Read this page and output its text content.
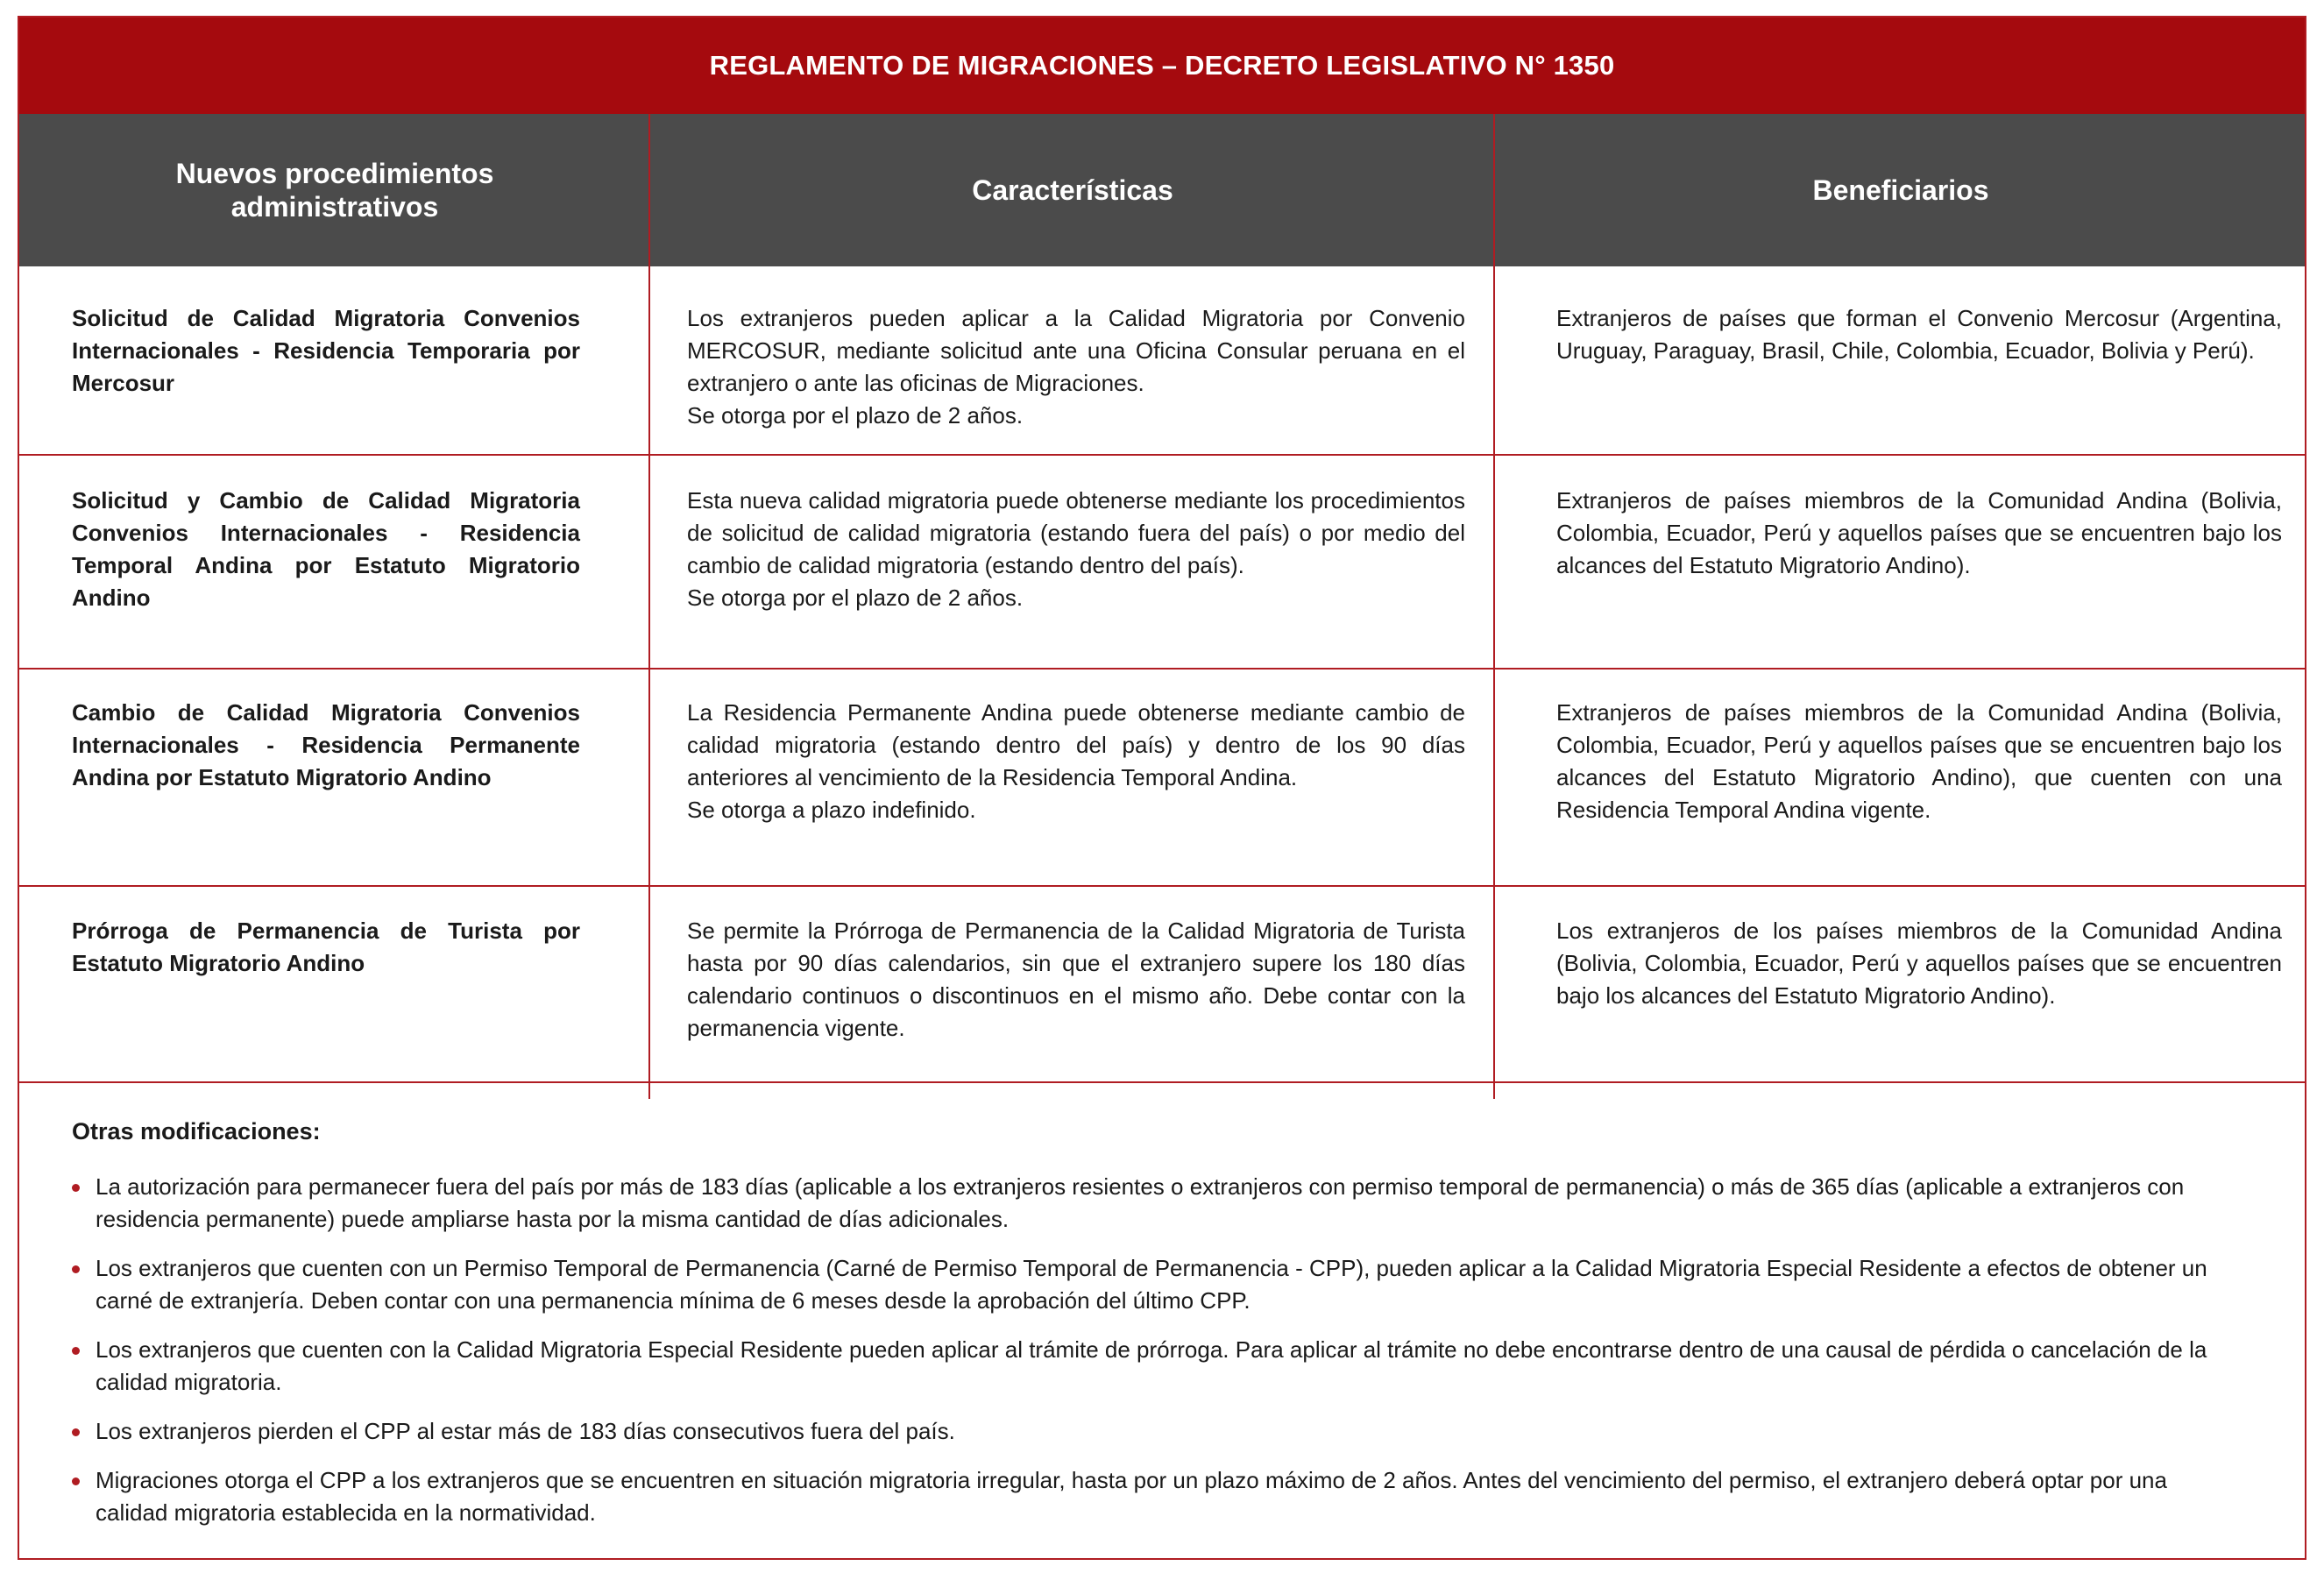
REGLAMENTO DE MIGRACIONES – DECRETO LEGISLATIVO N° 1350
Nuevos procedimientos administrativos
Características	Beneficiarios
Solicitud de Calidad Migratoria Convenios Internacionales - Residencia Temporaria por Mercosur

Los extranjeros pueden aplicar a la Calidad Migratoria por Convenio MERCOSUR, mediante solicitud ante una Oficina Consular peruana en el extranjero o ante las oficinas de Migraciones.

Se otorga por el plazo de 2 años.

Extranjeros de países que forman el Convenio Mercosur (Argentina, Uruguay, Paraguay, Brasil, Chile, Colombia, Ecuador, Bolivia y Perú).
Solicitud y Cambio de Calidad Migratoria Convenios Internacionales - Residencia Temporal Andina por Estatuto Migratorio Andino

Esta nueva calidad migratoria puede obtenerse mediante los procedimientos de solicitud de calidad migratoria (estando fuera del país) o por medio del cambio de calidad migratoria (estando dentro del país).

Se otorga por el plazo de 2 años.

Extranjeros de países miembros de la Comunidad Andina (Bolivia, Colombia, Ecuador, Perú y aquellos países que se encuentren bajo los alcances del Estatuto Migratorio Andino).
Cambio de Calidad Migratoria Convenios Internacionales - Residencia Permanente Andina por Estatuto Migratorio Andino

La Residencia Permanente Andina puede obtenerse mediante cambio de calidad migratoria (estando dentro del país) y dentro de los 90 días anteriores al vencimiento de la Residencia Temporal Andina.

Se otorga a plazo indefinido.

Extranjeros de países miembros de la Comunidad Andina (Bolivia, Colombia, Ecuador, Perú y aquellos países que se encuentren bajo los alcances del Estatuto Migratorio Andino), que cuenten con una Residencia Temporal Andina vigente.
Prórroga de Permanencia de Turista por Estatuto Migratorio Andino

Se permite la Prórroga de Permanencia de la Calidad Migratoria de Turista hasta por 90 días calendarios, sin que el extranjero supere los 180 días calendario continuos o discontinuos en el mismo año. Debe contar con la permanencia vigente.

Los extranjeros de los países miembros de la Comunidad Andina (Bolivia, Colombia, Ecuador, Perú y aquellos países que se encuentren bajo los alcances del Estatuto Migratorio Andino).
Otras modificaciones:
La autorización para permanecer fuera del país por más de 183 días (aplicable a los extranjeros resientes o extranjeros con permiso temporal de permanencia) o más de 365 días (aplicable a extranjeros con residencia permanente) puede ampliarse hasta por la misma cantidad de días adicionales.
Los extranjeros que cuenten con un Permiso Temporal de Permanencia (Carné de Permiso Temporal de Permanencia - CPP), pueden aplicar a la Calidad Migratoria Especial Residente a efectos de obtener un carné de extranjería. Deben contar con una permanencia mínima de 6 meses desde la aprobación del último CPP.
Los extranjeros que cuenten con la Calidad Migratoria Especial Residente pueden aplicar al trámite de prórroga. Para aplicar al trámite no debe encontrarse dentro de una causal de pérdida o cancelación de la calidad migratoria.
Los extranjeros pierden el CPP al estar más de 183 días consecutivos fuera del país.
Migraciones otorga el CPP a los extranjeros que se encuentren en situación migratoria irregular, hasta por un plazo máximo de 2 años. Antes del vencimiento del permiso, el extranjero deberá optar por una calidad migratoria establecida en la normatividad.
